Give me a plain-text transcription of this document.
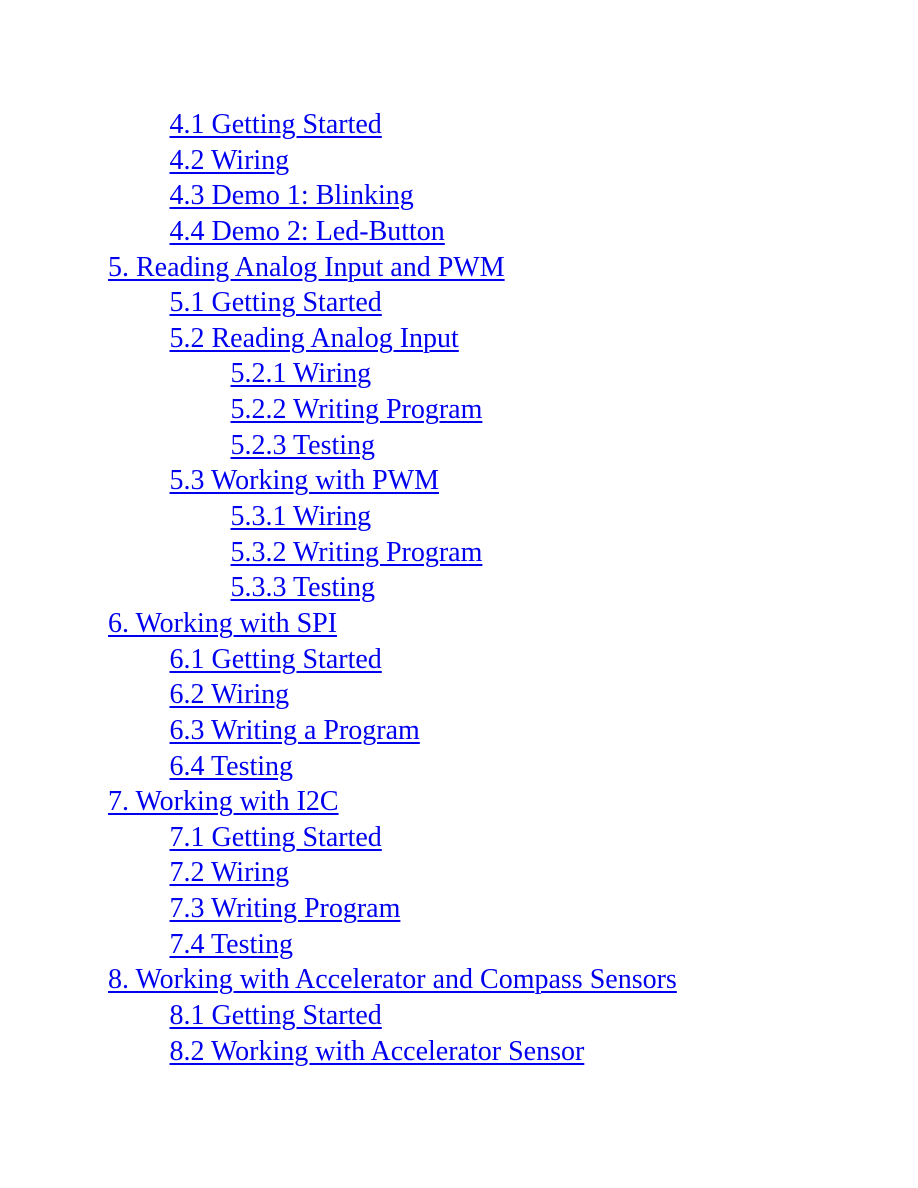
4.1 Getting Started
4.2 Wiring
4.3 Demo 1: Blinking
4.4 Demo 2: Led-Button
5. Reading Analog Input and PWM
5.1 Getting Started
5.2 Reading Analog Input
5.2.1 Wiring
5.2.2 Writing Program
5.2.3 Testing
5.3 Working with PWM
5.3.1 Wiring
5.3.2 Writing Program
5.3.3 Testing
6. Working with SPI
6.1 Getting Started
6.2 Wiring
6.3 Writing a Program
6.4 Testing
7. Working with I2C
7.1 Getting Started
7.2 Wiring
7.3 Writing Program
7.4 Testing
8. Working with Accelerator and Compass Sensors
8.1 Getting Started
8.2 Working with Accelerator Sensor
